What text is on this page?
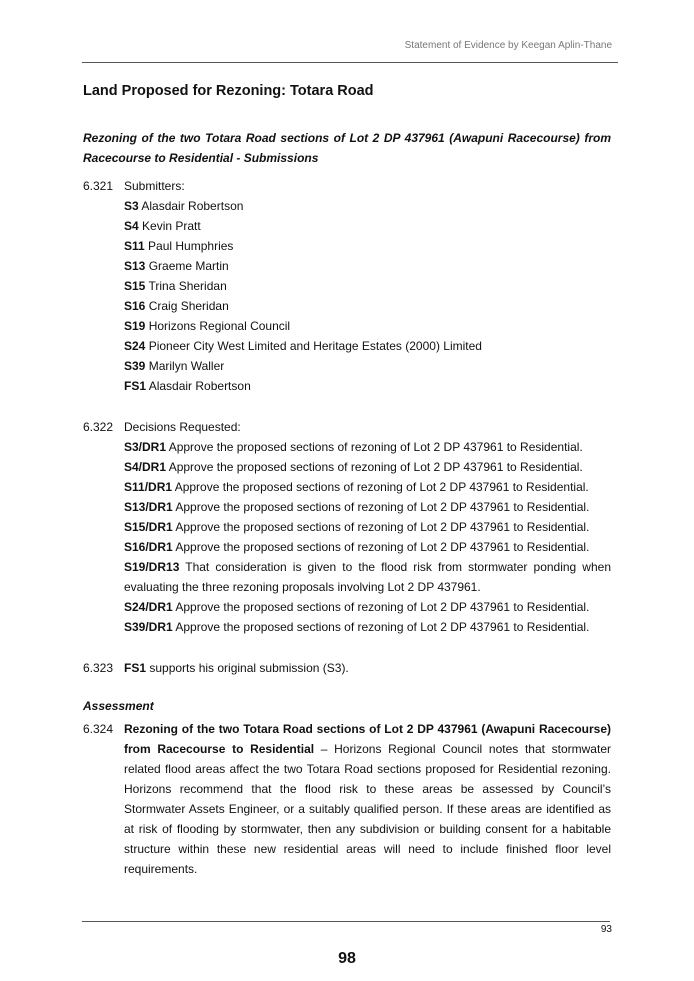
Statement of Evidence by Keegan Aplin-Thane
Land Proposed for Rezoning: Totara Road
Rezoning of the two Totara Road sections of Lot 2 DP 437961 (Awapuni Racecourse) from Racecourse to Residential - Submissions
6.321 Submitters:
S3 Alasdair Robertson
S4 Kevin Pratt
S11 Paul Humphries
S13 Graeme Martin
S15 Trina Sheridan
S16 Craig Sheridan
S19 Horizons Regional Council
S24 Pioneer City West Limited and Heritage Estates (2000) Limited
S39 Marilyn Waller
FS1 Alasdair Robertson
6.322 Decisions Requested:
S3/DR1 Approve the proposed sections of rezoning of Lot 2 DP 437961 to Residential.
S4/DR1 Approve the proposed sections of rezoning of Lot 2 DP 437961 to Residential.
S11/DR1 Approve the proposed sections of rezoning of Lot 2 DP 437961 to Residential.
S13/DR1 Approve the proposed sections of rezoning of Lot 2 DP 437961 to Residential.
S15/DR1 Approve the proposed sections of rezoning of Lot 2 DP 437961 to Residential.
S16/DR1 Approve the proposed sections of rezoning of Lot 2 DP 437961 to Residential.
S19/DR13 That consideration is given to the flood risk from stormwater ponding when evaluating the three rezoning proposals involving Lot 2 DP 437961.
S24/DR1 Approve the proposed sections of rezoning of Lot 2 DP 437961 to Residential.
S39/DR1 Approve the proposed sections of rezoning of Lot 2 DP 437961 to Residential.
6.323 FS1 supports his original submission (S3).
Assessment
6.324 Rezoning of the two Totara Road sections of Lot 2 DP 437961 (Awapuni Racecourse) from Racecourse to Residential – Horizons Regional Council notes that stormwater related flood areas affect the two Totara Road sections proposed for Residential rezoning. Horizons recommend that the flood risk to these areas be assessed by Council’s Stormwater Assets Engineer, or a suitably qualified person. If these areas are identified as at risk of flooding by stormwater, then any subdivision or building consent for a habitable structure within these new residential areas will need to include finished floor level requirements.
93
98
